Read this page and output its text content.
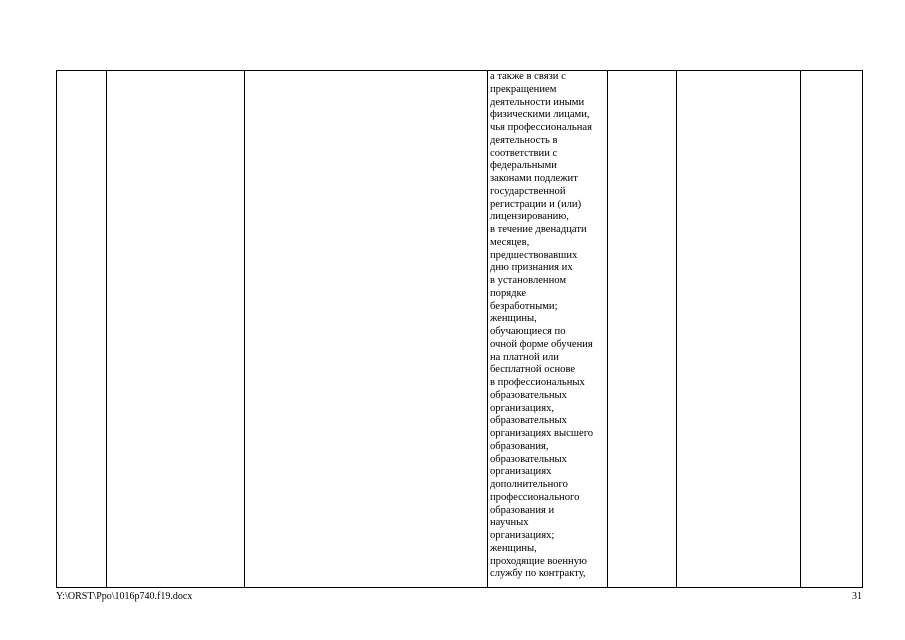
а также в связи с
прекращением
деятельности иными
физическими лицами,
чья профессиональная
деятельность в
соответствии с
федеральными
законами подлежит
государственной
регистрации и (или)
лицензированию,
в течение двенадцати
месяцев,
предшествовавших
дню признания их
в установленном
порядке
безработными;
женщины,
обучающиеся по
очной форме обучения
на платной или
бесплатной основе
в профессиональных
образовательных
организациях,
образовательных
организациях высшего
образования,
образовательных
организациях
дополнительного
профессионального
образования и
научных
организациях;
женщины,
проходящие военную
службу по контракту,

Y:\ORST\Ppo\1016p740.f19.docx	31
